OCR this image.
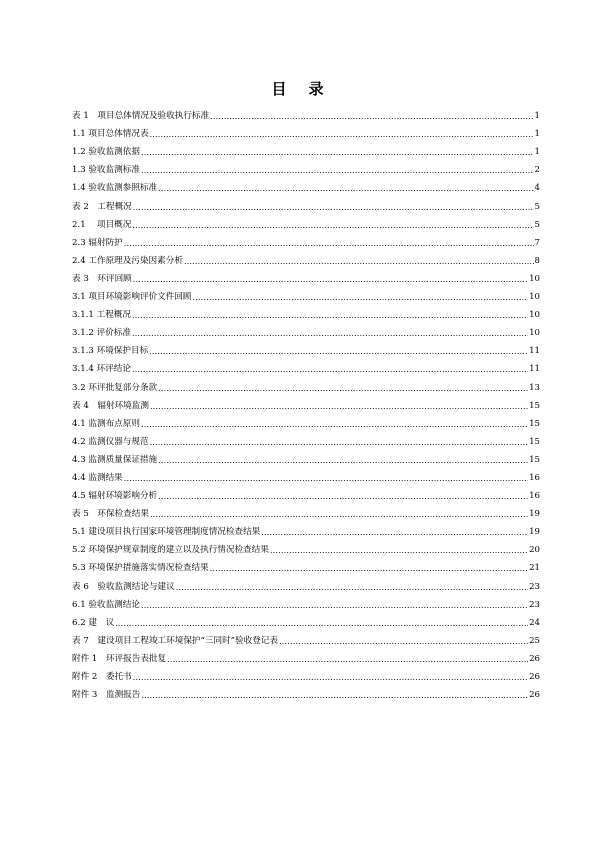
目 录
表 1　项目总体情况及验收执行标准 .....	1
1.1 项目总体情况表 .....	1
1.2 验收监测依据 .....	1
1.3 验收监测标准 .....	2
1.4 验收监测参照标准 .....	4
表 2　工程概况 .....	5
2.1　 项目概况 .....	5
2.3 辐射防护 .....	7
2.4 工作原理及污染因素分析 .....	8
表 3　环评回顾 .....	10
3.1 项目环境影响评价文件回顾 .....	10
3.1.1 工程概况 .....	10
3.1.2 评价标准 .....	10
3.1.3 环境保护目标 .....	11
3.1.4 环评结论 .....	11
3.2 环评批复部分条款 .....	13
表 4　辐射环境监测 .....	15
4.1 监测布点原则 .....	15
4.2 监测仪器与规范 .....	15
4.3 监测质量保证措施 .....	15
4.4 监测结果 .....	16
4.5 辐射环境影响分析 .....	16
表 5　环保检查结果 .....	19
5.1 建设项目执行国家环境管理制度情况检查结果 .....	19
5.2 环境保护规章制度的建立以及执行情况检查结果 .....	20
5.3 环境保护措施落实情况检查结果 .....	21
表 6　验收监测结论与建议 .....	23
6.1 验收监测结论 .....	23
6.2 建　议 .....	24
表 7　建设项目工程竣工环境保护“三同时”验收登记表 .....	25
附件 1　环评报告表批复 .....	26
附件 2　委托书 .....	26
附件 3　监测报告 .....	26
